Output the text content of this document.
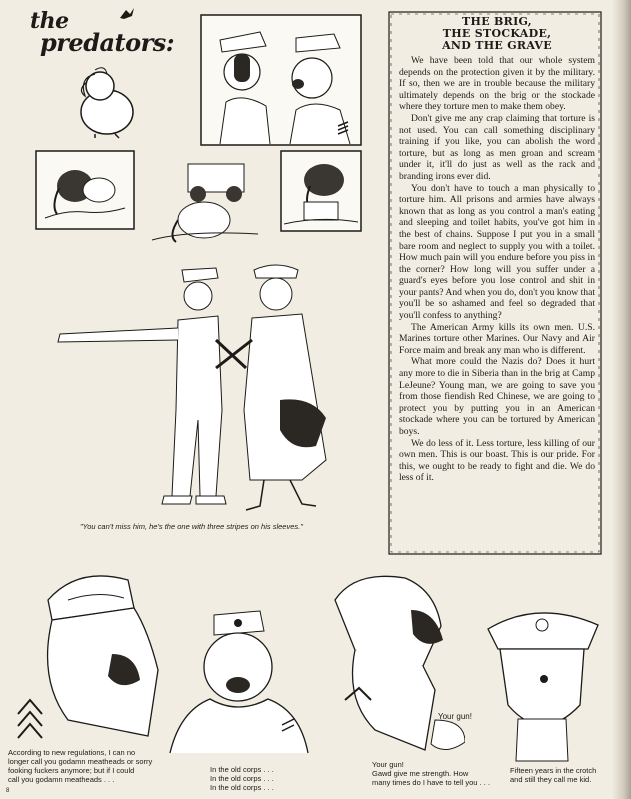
the
predators:
"You can't miss him, he's the one with three stripes on his sleeves."
THE BRIG,
THE STOCKADE,
AND THE GRAVE

We have been told that our whole system depends on the protection given it by the military. If so, then we are in trouble because the military ultimately depends on the brig or the stockade where they torture men to make them obey.

Don't give me any crap claiming that torture is not used. You can call something disciplinary training if you like, you can abolish the word torture, but as long as men groan and scream under it, it'll do just as well as the rack and branding irons ever did.

You don't have to touch a man physically to torture him. All prisons and armies have always known that as long as you control a man's eating and sleeping and toilet habits, you've got him in the best of chains. Suppose I put you in a small bare room and neglect to supply you with a toilet. How much pain will you endure before you piss in the corner? How long will you suffer under a guard's eyes before you lose control and shit in your pants? And when you do, don't you know that you'll be so ashamed and feel so degraded that you'll confess to anything?

The American Army kills its own men. U.S. Marines torture other Marines. Our Navy and Air Force maim and break any man who is different.

What more could the Nazis do? Does it hurt any more to die in Siberia than in the brig at Camp LeJeune? Young man, we are going to save you from those fiendish Red Chinese, we are going to protect you by putting you in an American stockade where you can be tortured by American boys.

We do less of it. Less torture, less killing of our own men. This is our boast. This is our pride. For this, we ought to be ready to fight and die. We do less of it.

According to new regulations, I can no
longer call you godamn meatheads or sorry
fooking fuckers anymore; but if I could
call you godamn meatheads . . .
In the old corps . . .
In the old corps . . .
In the old corps . . .
Your gun!
Your gun!
Gawd give me strength. How
many times do I have to tell you . . .
Fifteen years in the crotch
and still they call me kid.
8
